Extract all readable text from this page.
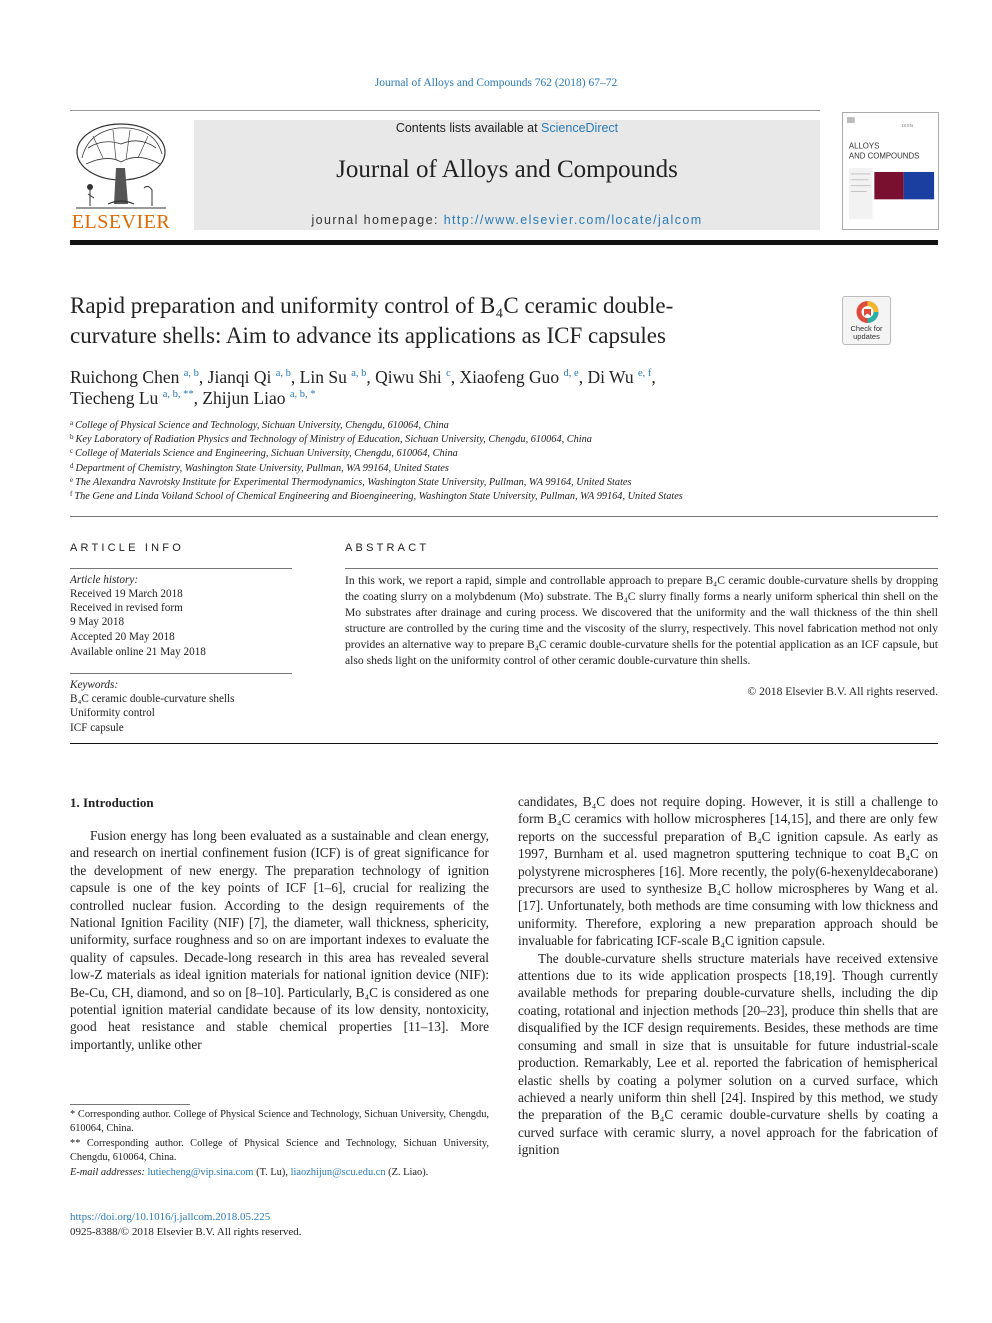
Journal of Alloys and Compounds 762 (2018) 67–72
ELSEVIER
Contents lists available at ScienceDirect
Journal of Alloys and Compounds
journal homepage: http://www.elsevier.com/locate/jalcom
ISSN
ALLOYS
AND COMPOUNDS
Rapid preparation and uniformity control of B₄C ceramic double-
curvature shells: Aim to advance its applications as ICF capsules	Check for
updates
Ruichong Chen $^{a, b}$, Jianqi Qi $^{a, b}$, Lin Su $^{a, b}$, Qiwu Shi $^c$, Xiaofeng Guo $^{d, e}$, Di Wu $^{e, f}$,
Tiecheng Lu $^{a, b, **}$, Zhijun Liao $^{a, b, *}$
$^a$ College of Physical Science and Technology, Sichuan University, Chengdu, 610064, China
$^b$ Key Laboratory of Radiation Physics and Technology of Ministry of Education, Sichuan University, Chengdu, 610064, China
$^c$ College of Materials Science and Engineering, Sichuan University, Chengdu, 610064, China
$^d$ Department of Chemistry, Washington State University, Pullman, WA 99164, United States
$^e$ The Alexandra Navrotsky Institute for Experimental Thermodynamics, Washington State University, Pullman, WA 99164, United States
$^f$ The Gene and Linda Voiland School of Chemical Engineering and Bioengineering, Washington State University, Pullman, WA 99164, United States
ARTICLE INFO
Article history:
Received 19 March 2018
Received in revised form
9 May 2018
Accepted 20 May 2018
Available online 21 May 2018
Keywords:
B₄C ceramic double-curvature shells
Uniformity control
ICF capsule
ABSTRACT
In this work, we report a rapid, simple and controllable approach to prepare B₄C ceramic double-curvature shells by dropping the coating slurry on a molybdenum (Mo) substrate. The B₄C slurry finally forms a nearly uniform spherical thin shell on the Mo substrates after drainage and curing process. We discovered that the uniformity and the wall thickness of the thin shell structure are controlled by the curing time and the viscosity of the slurry, respectively. This novel fabrication method not only provides an alternative way to prepare B₄C ceramic double-curvature shells for the potential application as an ICF capsule, but also sheds light on the uniformity control of other ceramic double-curvature thin shells.
© 2018 Elsevier B.V. All rights reserved.
1. Introduction

Fusion energy has long been evaluated as a sustainable and clean energy, and research on inertial confinement fusion (ICF) is of great significance for the development of new energy. The preparation technology of ignition capsule is one of the key points of ICF [1–6], crucial for realizing the controlled nuclear fusion. According to the design requirements of the National Ignition Facility (NIF) [7], the diameter, wall thickness, sphericity, uniformity, surface roughness and so on are important indexes to evaluate the quality of capsules. Decade-long research in this area has revealed several low-Z materials as ideal ignition materials for national ignition device (NIF): Be-Cu, CH, diamond, and so on [8–10]. Particularly, B₄C is considered as one potential ignition material candidate because of its low density, nontoxicity, good heat resistance and stable chemical properties [11–13]. More importantly, unlike other

candidates, B₄C does not require doping. However, it is still a challenge to form B₄C ceramics with hollow microspheres [14,15], and there are only few reports on the successful preparation of B₄C ignition capsule. As early as 1997, Burnham et al. used magnetron sputtering technique to coat B₄C on polystyrene microspheres [16]. More recently, the poly(6-hexenyldecaborane) precursors are used to synthesize B₄C hollow microspheres by Wang et al. [17]. Unfortunately, both methods are time consuming with low thickness and uniformity. Therefore, exploring a new preparation approach should be invaluable for fabricating ICF-scale B₄C ignition capsule.

The double-curvature shells structure materials have received extensive attentions due to its wide application prospects [18,19]. Though currently available methods for preparing double-curvature shells, including the dip coating, rotational and injection methods [20–23], produce thin shells that are disqualified by the ICF design requirements. Besides, these methods are time consuming and small in size that is unsuitable for future industrial-scale production. Remarkably, Lee et al. reported the fabrication of hemispherical elastic shells by coating a polymer solution on a curved surface, which achieved a nearly uniform thin shell [24]. Inspired by this method, we study the preparation of the B₄C ceramic double-curvature shells by coating a curved surface with ceramic slurry, a novel approach for the fabrication of ignition

* Corresponding author. College of Physical Science and Technology, Sichuan University, Chengdu, 610064, China.
** Corresponding author. College of Physical Science and Technology, Sichuan University, Chengdu, 610064, China.
E-mail addresses: lutiecheng@vip.sina.com (T. Lu), liaozhijun@scu.edu.cn (Z. Liao).
https://doi.org/10.1016/j.jallcom.2018.05.225
0925-8388/© 2018 Elsevier B.V. All rights reserved.
